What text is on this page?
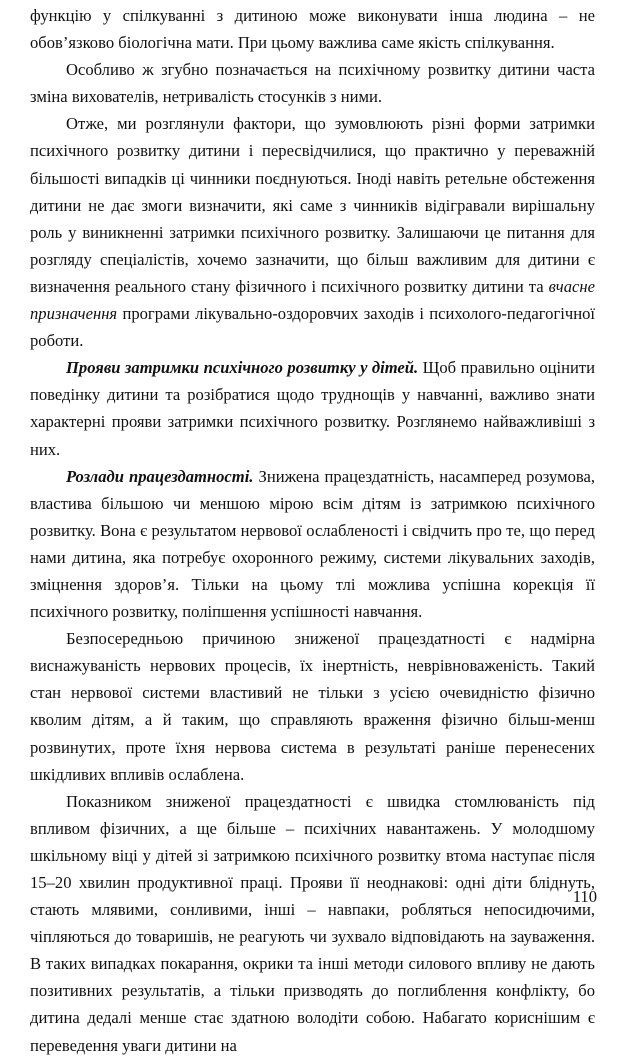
функцію у спілкуванні з дитиною може виконувати інша людина – не обов’язково біологічна мати. При цьому важлива саме якість спілкування.

Особливо ж згубно позначається на психічному розвитку дитини часта зміна вихователів, нетривалість стосунків з ними.

Отже, ми розглянули фактори, що зумовлюють різні форми затримки психічного розвитку дитини і пересвідчилися, що практично у переважній більшості випадків ці чинники поєднуються. Іноді навіть ретельне обстеження дитини не дає змоги визначити, які саме з чинників відігравали вирішальну роль у виникненні затримки психічного розвитку. Залишаючи це питання для розгляду спеціалістів, хочемо зазначити, що більш важливим для дитини є визначення реального стану фізичного і психічного розвитку дитини та вчасне призначення програми лікувально-оздоровчих заходів і психолого-педагогічної роботи.

Прояви затримки психічного розвитку у дітей. Щоб правильно оцінити поведінку дитини та розібратися щодо труднощів у навчанні, важливо знати характерні прояви затримки психічного розвитку. Розглянемо найважливіші з них.

Розлади працездатності. Знижена працездатність, насамперед розумова, властива більшою чи меншою мірою всім дітям із затримкою психічного розвитку. Вона є результатом нервової ослабленості і свідчить про те, що перед нами дитина, яка потребує охоронного режиму, системи лікувальних заходів, зміцнення здоров’я. Тільки на цьому тлі можлива успішна корекція її психічного розвитку, поліпшення успішності навчання.

Безпосередньою причиною зниженої працездатності є надмірна виснажуваність нервових процесів, їх інертність, неврівноваженість. Такий стан нервової системи властивий не тільки з усією очевидністю фізично кволим дітям, а й таким, що справляють враження фізично більш-менш розвинутих, проте їхня нервова система в результаті раніше перенесених шкідливих впливів ослаблена.

Показником зниженої працездатності є швидка стомлюваність під впливом фізичних, а ще більше – психічних навантажень. У молодшому шкільному віці у дітей зі затримкою психічного розвитку втома наступає після 15–20 хвилин продуктивної праці. Прояви її неоднакові: одні діти бліднуть, стають млявими, сонливими, інші – навпаки, робляться непосидючими, чіпляються до товаришів, не реагують чи зухвало відповідають на зауваження. В таких випадках покарання, окрики та інші методи силового впливу не дають позитивних результатів, а тільки призводять до поглиблення конфлікту, бо дитина дедалі менше стає здатною володіти собою. Набагато кориснішим є переведення уваги дитини на

110
